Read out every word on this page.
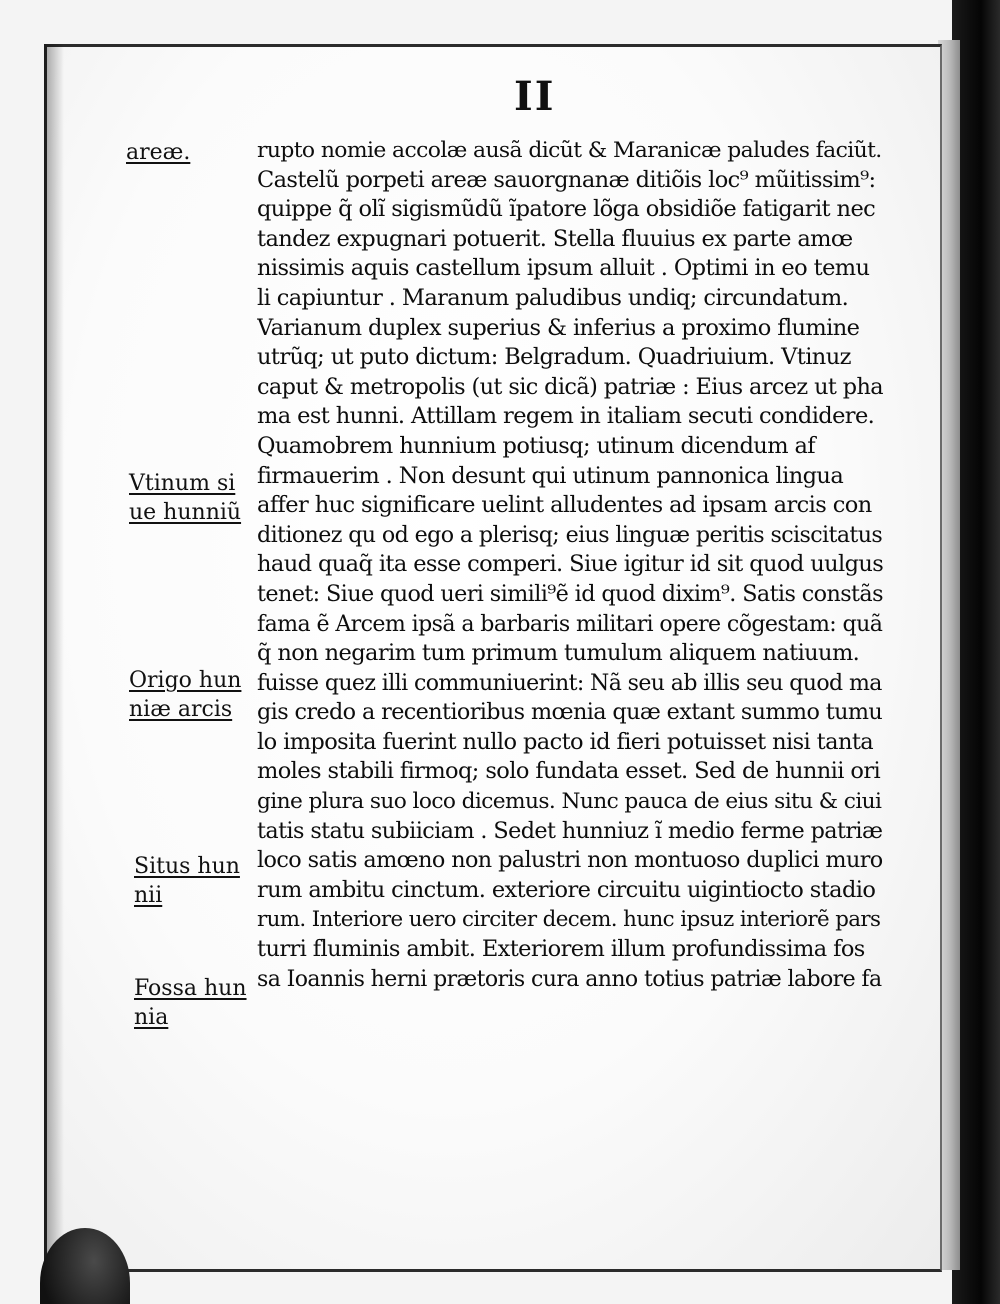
II
rupto nomie accolæ ausã dicũt & Maranicæ paludes faciũt.
Castelũ porpeti areæ sauorgnanæ ditiõis loc⁹ mũitissim⁹:
quippe q̃ olĩ sigismũdũ ĩpatore lõga obsidiõe fatigarit nec
tandez expugnari potuerit. Stella fluuius ex parte amœ
nissimis aquis castellum ipsum alluit . Optimi in eo temu
li capiuntur . Maranum paludibus undiq; circundatum.
Varianum duplex superius & inferius a proximo flumine
utrũq; ut puto dictum: Belgradum. Quadriuium. Vtinuz
caput & metropolis (ut sic dicã) patriæ : Eius arcez ut pha
ma est hunni. Attillam regem in italiam secuti condidere.
Quamobrem hunnium potiusq; utinum dicendum af
firmauerim . Non desunt qui utinum pannonica lingua
affer huc significare uelint alludentes ad ipsam arcis con
ditionez qu od ego a plerisq; eius linguæ peritis sciscitatus
haud quaq̃ ita esse comperi. Siue igitur id sit quod uulgus
tenet: Siue quod ueri simili⁹ẽ id quod dixim⁹. Satis constãs
fama ẽ Arcem ipsã a barbaris militari opere cõgestam: quã
q̃ non negarim tum primum tumulum aliquem natiuum.
fuisse quez illi communiuerint: Nã seu ab illis seu quod ma
gis credo a recentioribus mœnia quæ extant summo tumu
lo imposita fuerint nullo pacto id fieri potuisset nisi tanta
moles stabili firmoq; solo fundata esset. Sed de hunnii ori
gine plura suo loco dicemus. Nunc pauca de eius situ & ciui
tatis statu subiiciam . Sedet hunniuz ĩ medio ferme patriæ
loco satis amœno non palustri non montuoso duplici muro
rum ambitu cinctum. exteriore circuitu uigintiocto stadio
rum. Interiore uero circiter decem. hunc ipsuz interiorẽ pars
turri fluminis ambit. Exteriorem illum profundissima fos
sa Ioannis herni prætoris cura anno totius patriæ labore fa
areæ.
Vtinum si
ue hunniũ
Origo hun
niæ arcis
Situs hun
nii
Fossa hun
nia
